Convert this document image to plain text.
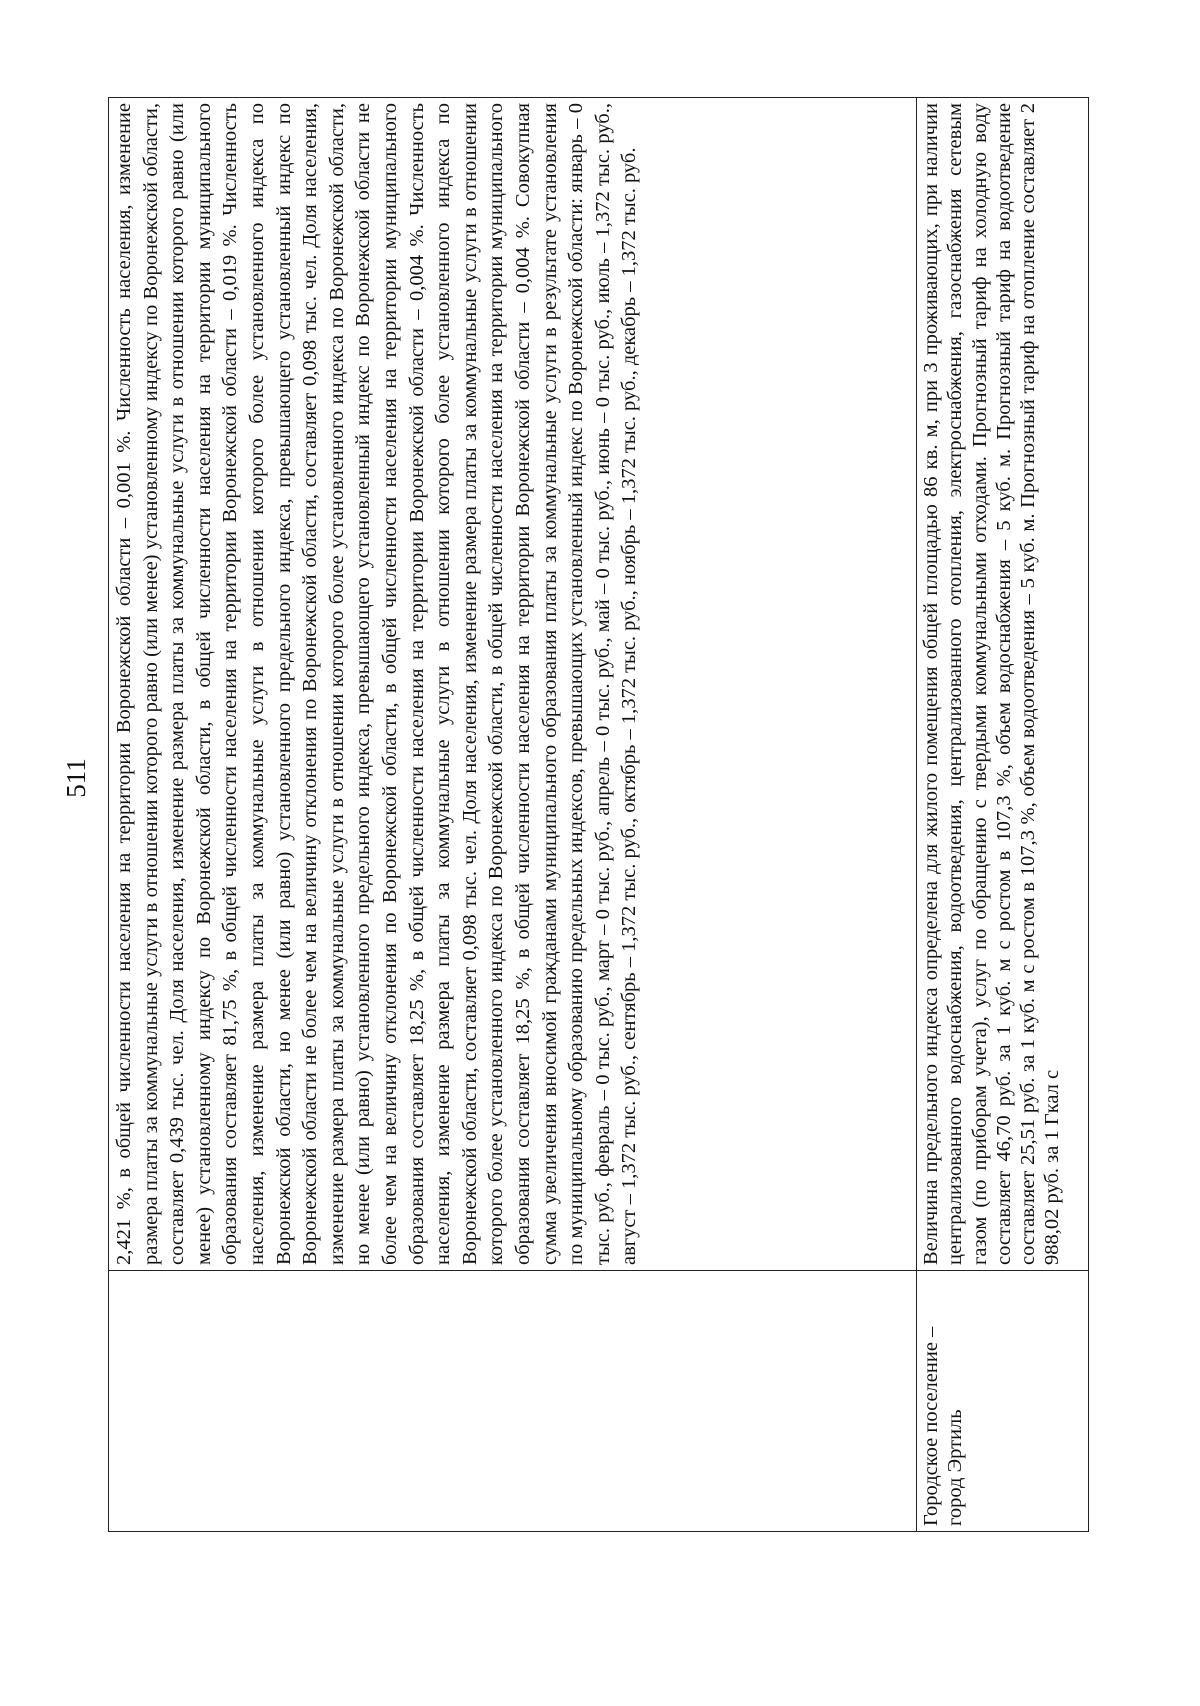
511
	2,421 %, в общей численности населения на территории Воронежской области – 0,001 %. Численность населения, изменение размера платы за коммунальные услуги в отношении которого равно (или менее) установленному индексу по Воронежской области, составляет 0,439 тыс. чел. Доля населения, изменение размера платы за коммунальные услуги в отношении которого равно (или менее) установленному индексу по Воронежской области, в общей численности населения на территории муниципального образования составляет 81,75 %, в общей численности населения на территории Воронежской области – 0,019 %. Численность населения, изменение размера платы за коммунальные услуги в отношении которого более установленного индекса по Воронежской области, но менее (или равно) установленного предельного индекса, превышающего установленный индекс по Воронежской области не более чем на величину отклонения по Воронежской области, составляет 0,098 тыс. чел. Доля населения, изменение размера платы за коммунальные услуги в отношении которого более установленного индекса по Воронежской области, но менее (или равно) установленного предельного индекса, превышающего установленный индекс по Воронежской области не более чем на величину отклонения по Воронежской области, в общей численности населения на территории муниципального образования составляет 18,25 %, в общей численности населения на территории Воронежской области – 0,004 %. Численность населения, изменение размера платы за коммунальные услуги в отношении которого более установленного индекса по Воронежской области, составляет 0,098 тыс. чел. Доля населения, изменение размера платы за коммунальные услуги в отношении которого более установленного индекса по Воронежской области, в общей численности населения на территории муниципального образования составляет 18,25 %, в общей численности населения на территории Воронежской области – 0,004 %. Совокупная сумма увеличения вносимой гражданами муниципального образования платы за коммунальные услуги в результате установления по муниципальному образованию предельных индексов, превышающих установленный индекс по Воронежской области: январь – 0 тыс. руб., февраль – 0 тыс. руб., март – 0 тыс. руб., апрель – 0 тыс. руб., май – 0 тыс. руб., июнь – 0 тыс. руб., июль – 1,372 тыс. руб., август – 1,372 тыс. руб., сентябрь – 1,372 тыс. руб., октябрь – 1,372 тыс. руб., ноябрь – 1,372 тыс. руб., декабрь – 1,372 тыс. руб.
Городское поселение – город Эртиль	Величина предельного индекса определена для жилого помещения общей площадью 86 кв. м, при 3 проживающих, при наличии централизованного водоснабжения, водоотведения, централизованного отопления, электроснабжения, газоснабжения сетевым газом (по приборам учета), услуг по обращению с твердыми коммунальными отходами. Прогнозный тариф на холодную воду составляет 46,70 руб. за 1 куб. м с ростом в 107,3 %, объем водоснабжения – 5 куб. м. Прогнозный тариф на водоотведение составляет 25,51 руб. за 1 куб. м с ростом в 107,3 %, объем водоотведения – 5 куб. м. Прогнозный тариф на отопление составляет 2 988,02 руб. за 1 Гкал с
